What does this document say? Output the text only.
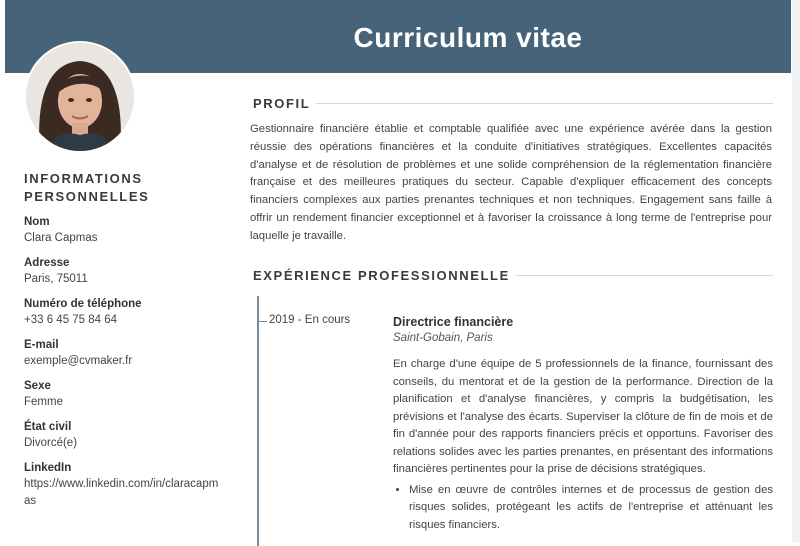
Curriculum vitae
INFORMATIONS PERSONNELLES
Nom
Clara Capmas
Adresse
Paris, 75011
Numéro de téléphone
+33 6 45 75 84 64
E-mail
exemple@cvmaker.fr
Sexe
Femme
État civil
Divorcé(e)
LinkedIn
https://www.linkedin.com/in/claracapmas
PROFIL
Gestionnaire financière établie et comptable qualifiée avec une expérience avérée dans la gestion réussie des opérations financières et la conduite d'initiatives stratégiques. Excellentes capacités d'analyse et de résolution de problèmes et une solide compréhension de la réglementation financière française et des meilleures pratiques du secteur. Capable d'expliquer efficacement des concepts financiers complexes aux parties prenantes techniques et non techniques. Engagement sans faille à offrir un rendement financier exceptionnel et à favoriser la croissance à long terme de l'entreprise pour laquelle je travaille.
EXPÉRIENCE PROFESSIONNELLE
2019 - En cours	Directrice financière
Saint-Gobain, Paris
En charge d'une équipe de 5 professionnels de la finance, fournissant des conseils, du mentorat et de la gestion de la performance. Direction de la planification et d'analyse financières, y compris la budgétisation, les prévisions et l'analyse des écarts. Superviser la clôture de fin de mois et de fin d'année pour des rapports financiers précis et opportuns. Favoriser des relations solides avec les parties prenantes, en présentant des informations financières pertinentes pour la prise de décisions stratégiques.
• Mise en œuvre de contrôles internes et de processus de gestion des risques solides, protégeant les actifs de l'entreprise et atténuant les risques financiers.
